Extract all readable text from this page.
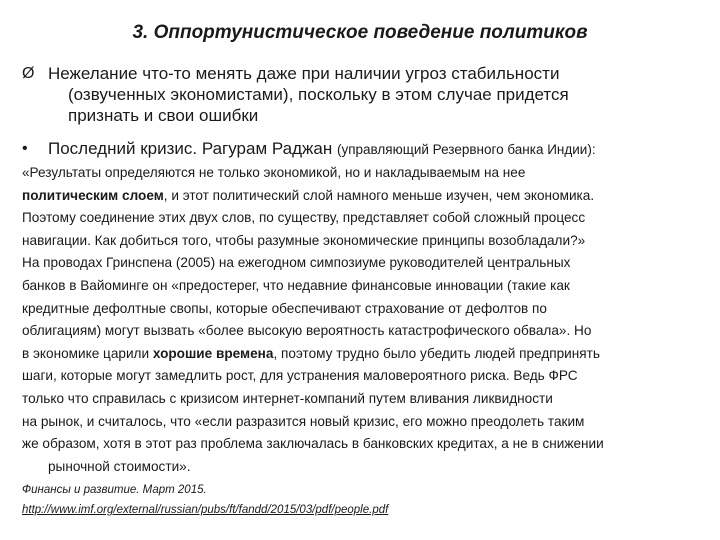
3. Оппортунистическое поведение политиков
Ø Нежелание что-то менять даже при наличии угроз стабильности
(озвученных экономистами), поскольку в этом случае придется
признать и свои ошибки
• Последний кризис. Рагурам Раджан (управляющий Резервного банка Индии):
«Результаты определяются не только экономикой, но и накладываемым на нее
политическим слоем, и этот политический слой намного меньше изучен, чем экономика.
Поэтому соединение этих двух слов, по существу, представляет собой сложный процесс
навигации. Как добиться того, чтобы разумные экономические принципы возобладали?»
На проводах Гринспена (2005) на ежегодном симпозиуме руководителей центральных
банков в Вайоминге он «предостерег, что недавние финансовые инновации (такие как
кредитные дефолтные свопы, которые обеспечивают страхование от дефолтов по
облигациям) могут вызвать «более высокую вероятность катастрофического обвала». Но
в экономике царили хорошие времена, поэтому трудно было убедить людей предпринять
шаги, которые могут замедлить рост, для устранения маловероятного риска. Ведь ФРС
только что справилась с кризисом интернет-компаний путем вливания ликвидности
на рынок, и считалось, что «если разразится новый кризис, его можно преодолеть таким
же образом, хотя в этот раз проблема заключалась в банковских кредитах, а не в снижении
рыночной стоимости».
Финансы и развитие. Март 2015.
http://www.imf.org/external/russian/pubs/ft/fandd/2015/03/pdf/people.pdf
